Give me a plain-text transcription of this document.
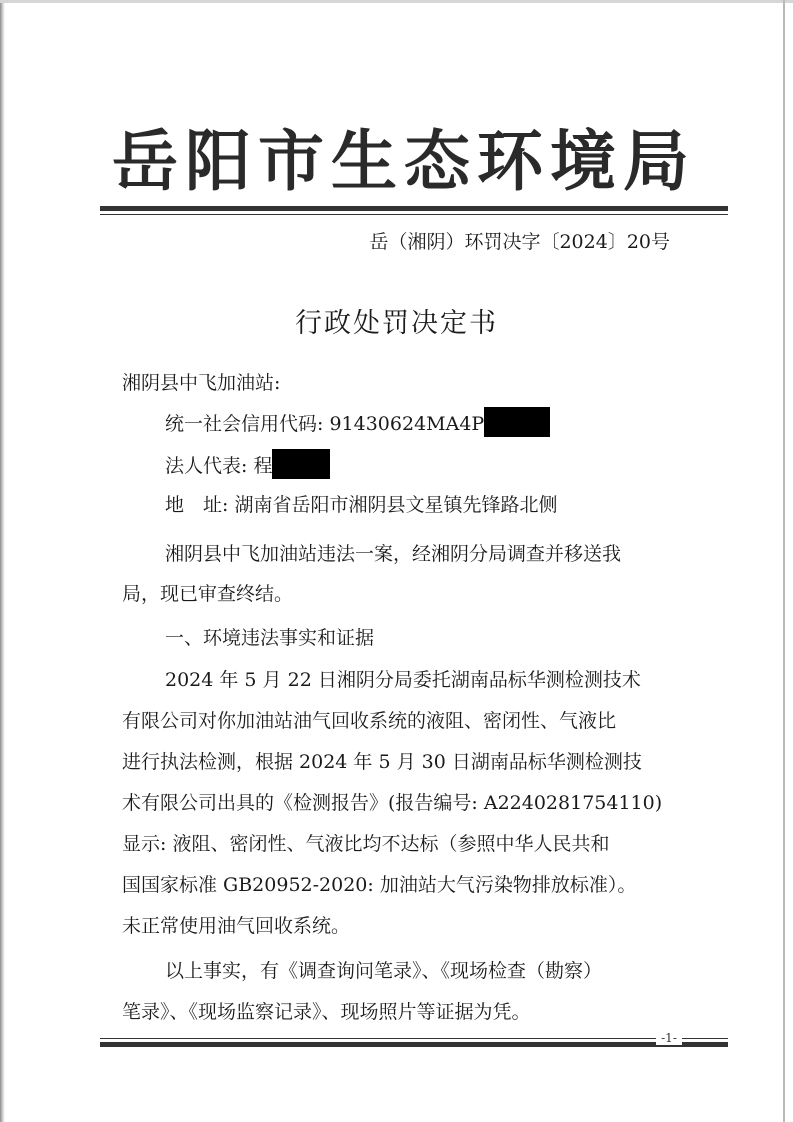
岳阳市生态环境局
岳（湘阴）环罚决字〔2024〕20号
行政处罚决定书
湘阴县中飞加油站:
统一社会信用代码: 91430624MA4P
法人代表: 程
地　址: 湖南省岳阳市湘阴县文星镇先锋路北侧
湘阴县中飞加油站违法一案，经湘阴分局调查并移送我
局，现已审查终结。
一、环境违法事实和证据
2024 年 5 月 22 日湘阴分局委托湖南品标华测检测技术
有限公司对你加油站油气回收系统的液阻、密闭性、气液比
进行执法检测，根据 2024 年 5 月 30 日湖南品标华测检测技
术有限公司出具的《检测报告》(报告编号: A2240281754110)
显示: 液阻、密闭性、气液比均不达标（参照中华人民共和
国国家标准 GB20952-2020: 加油站大气污染物排放标准）。
未正常使用油气回收系统。
以上事实，有《调查询问笔录》、《现场检查（勘察）
笔录》、《现场监察记录》、现场照片等证据为凭。
-1-
